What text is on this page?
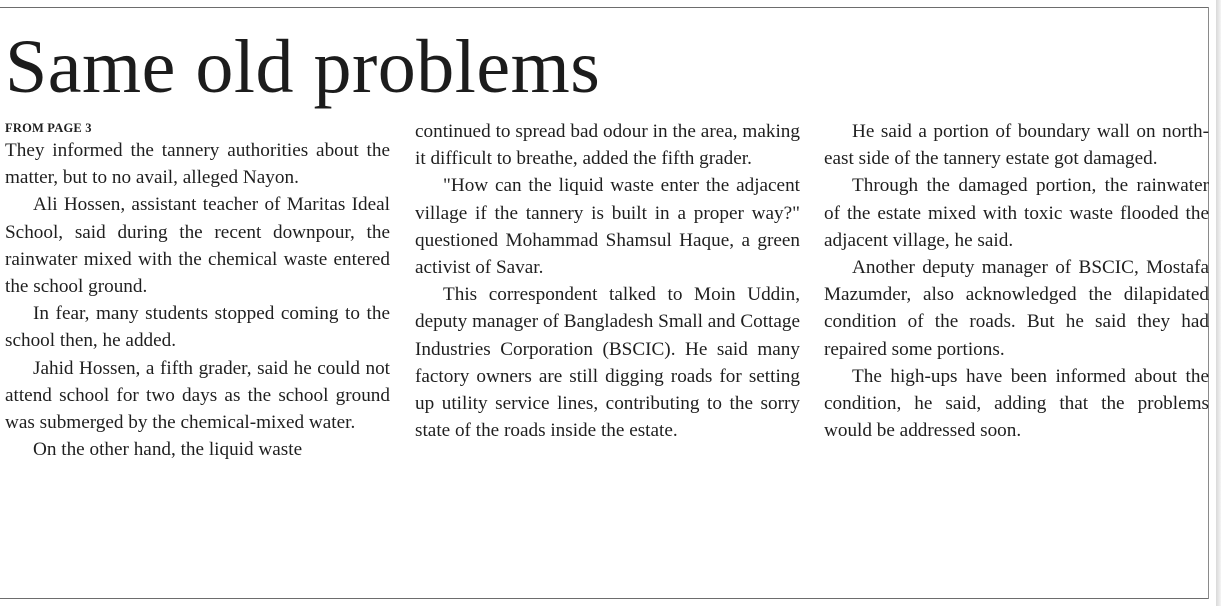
Same old problems
FROM PAGE 3

They informed the tannery authorities about the matter, but to no avail, alleged Nayon.

Ali Hossen, assistant teacher of Maritas Ideal School, said during the recent downpour, the rainwater mixed with the chemical waste entered the school ground.

In fear, many students stopped coming to the school then, he added.

Jahid Hossen, a fifth grader, said he could not attend school for two days as the school ground was submerged by the chemical-mixed water.

On the other hand, the liquid waste

continued to spread bad odour in the area, making it difficult to breathe, added the fifth grader.

"How can the liquid waste enter the adjacent village if the tannery is built in a proper way?" questioned Mohammad Shamsul Haque, a green activist of Savar.

This correspondent talked to Moin Uddin, deputy manager of Bangladesh Small and Cottage Industries Corporation (BSCIC). He said many factory owners are still digging roads for setting up utility service lines, contributing to the sorry state of the roads inside the estate.

He said a portion of boundary wall on north-east side of the tannery estate got damaged.

Through the damaged portion, the rainwater of the estate mixed with toxic waste flooded the adjacent village, he said.

Another deputy manager of BSCIC, Mostafa Mazumder, also acknowledged the dilapidated condition of the roads. But he said they had repaired some portions.

The high-ups have been informed about the condition, he said, adding that the problems would be addressed soon.
